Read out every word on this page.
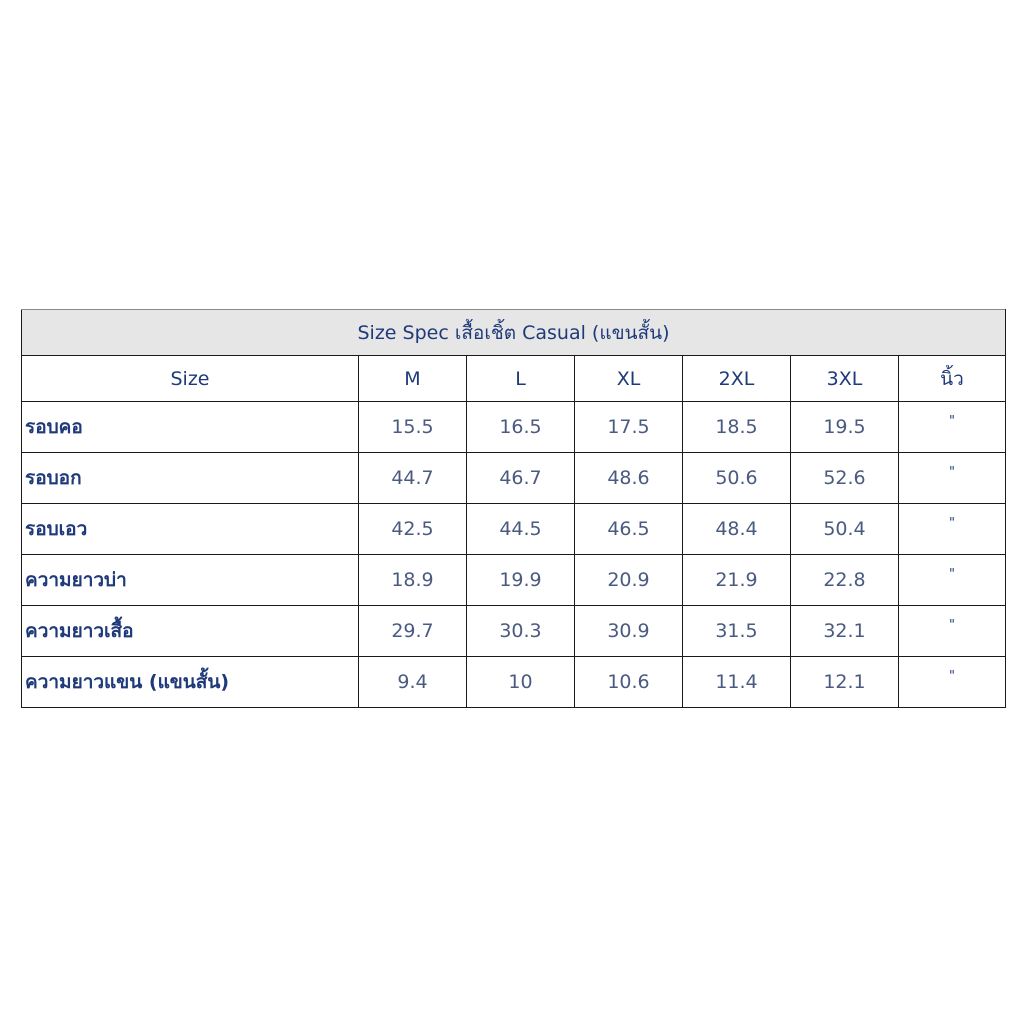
Size Spec เสื้อเชิ้ต Casual (แขนสั้น)						
Size	M	L	XL	2XL	3XL	นิ้ว
รอบคอ	15.5	16.5	17.5	18.5	19.5	"
รอบอก	44.7	46.7	48.6	50.6	52.6	"
รอบเอว	42.5	44.5	46.5	48.4	50.4	"
ความยาวบ่า	18.9	19.9	20.9	21.9	22.8	"
ความยาวเสื้อ	29.7	30.3	30.9	31.5	32.1	"
ความยาวแขน (แขนสั้น)	9.4	10	10.6	11.4	12.1	"
